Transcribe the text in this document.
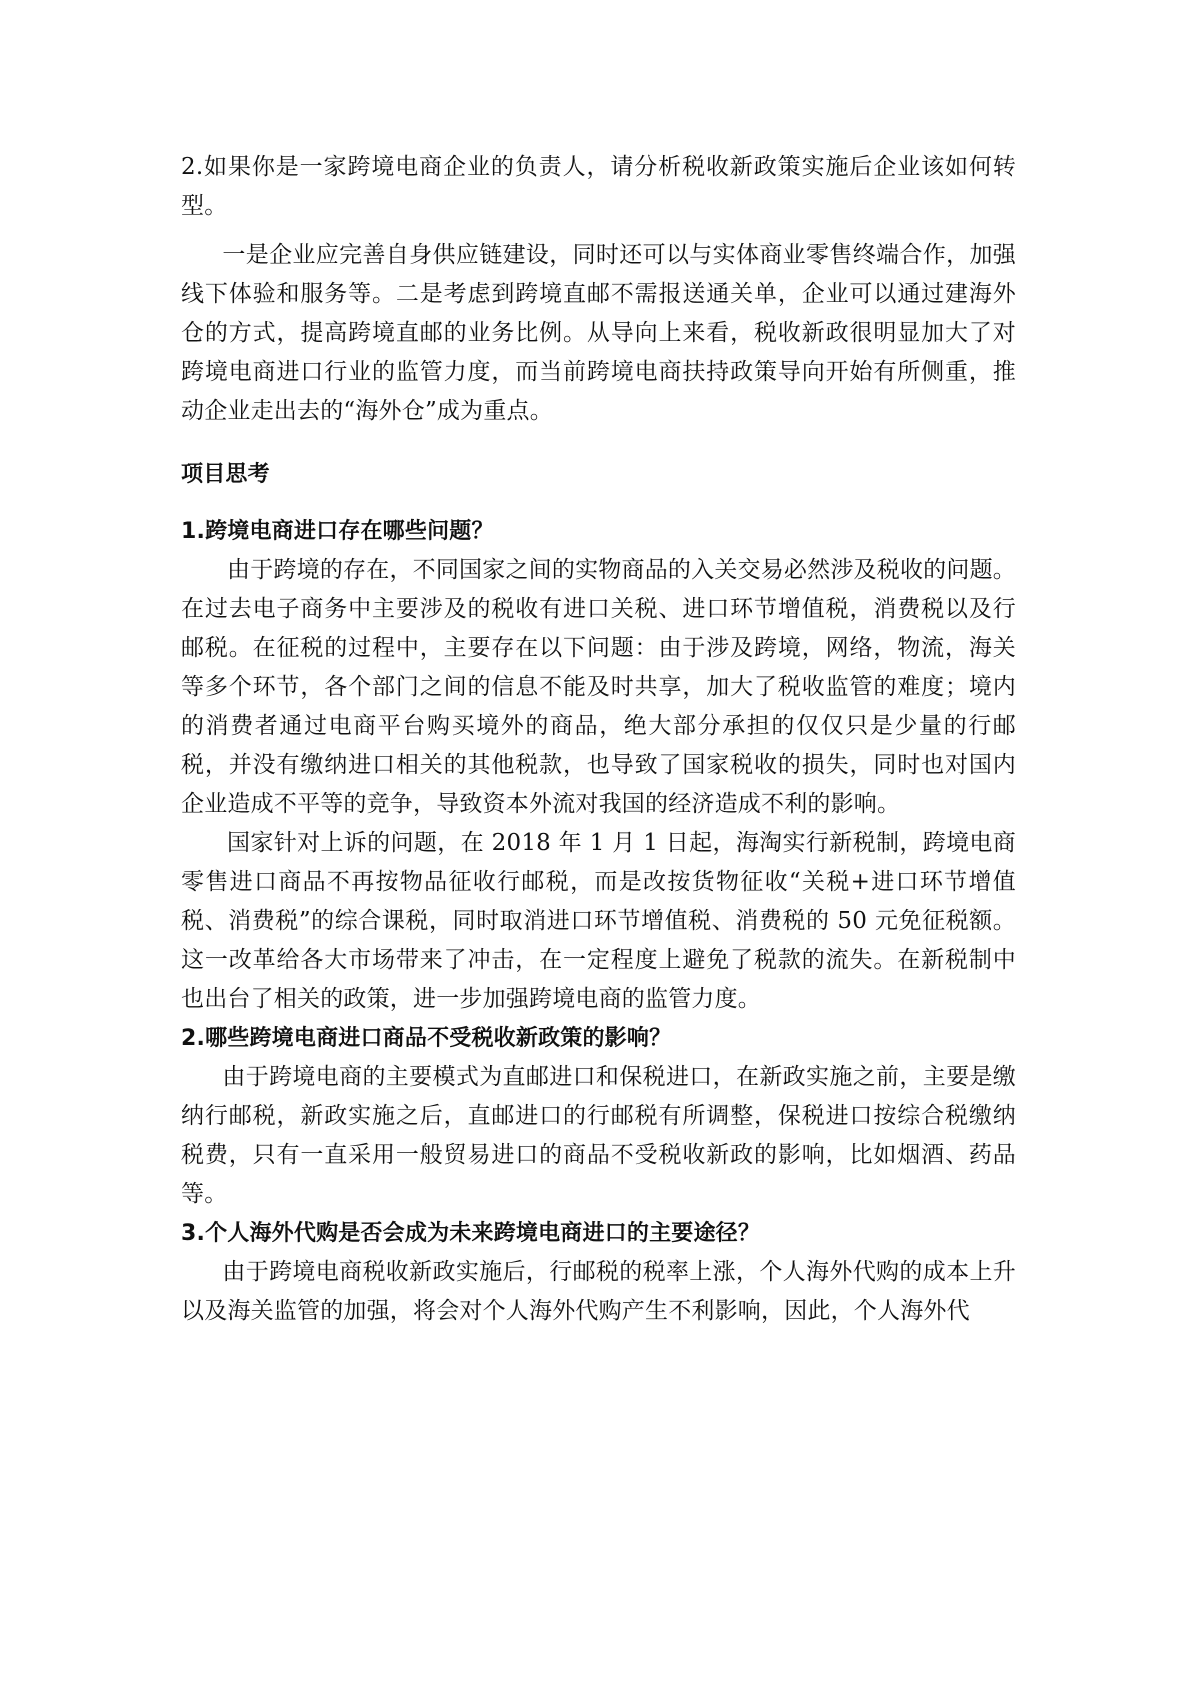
2.如果你是一家跨境电商企业的负责人，请分析税收新政策实施后企业该如何转型。

一是企业应完善自身供应链建设，同时还可以与实体商业零售终端合作，加强线下体验和服务等。二是考虑到跨境直邮不需报送通关单，企业可以通过建海外仓的方式，提高跨境直邮的业务比例。从导向上来看，税收新政很明显加大了对跨境电商进口行业的监管力度，而当前跨境电商扶持政策导向开始有所侧重，推动企业走出去的“海外仓”成为重点。

项目思考

1.跨境电商进口存在哪些问题？

由于跨境的存在，不同国家之间的实物商品的入关交易必然涉及税收的问题。在过去电子商务中主要涉及的税收有进口关税、进口环节增值税，消费税以及行邮税。在征税的过程中，主要存在以下问题：由于涉及跨境，网络，物流，海关等多个环节，各个部门之间的信息不能及时共享，加大了税收监管的难度；境内的消费者通过电商平台购买境外的商品，绝大部分承担的仅仅只是少量的行邮税，并没有缴纳进口相关的其他税款，也导致了国家税收的损失，同时也对国内企业造成不平等的竞争，导致资本外流对我国的经济造成不利的影响。

国家针对上诉的问题，在 2018 年 1 月 1 日起，海淘实行新税制，跨境电商零售进口商品不再按物品征收行邮税，而是改按货物征收“关税+进口环节增值税、消费税”的综合课税，同时取消进口环节增值税、消费税的 50 元免征税额。这一改革给各大市场带来了冲击，在一定程度上避免了税款的流失。在新税制中也出台了相关的政策，进一步加强跨境电商的监管力度。

2.哪些跨境电商进口商品不受税收新政策的影响？

由于跨境电商的主要模式为直邮进口和保税进口，在新政实施之前，主要是缴纳行邮税，新政实施之后，直邮进口的行邮税有所调整，保税进口按综合税缴纳税费，只有一直采用一般贸易进口的商品不受税收新政的影响，比如烟酒、药品等。

3.个人海外代购是否会成为未来跨境电商进口的主要途径？

由于跨境电商税收新政实施后，行邮税的税率上涨，个人海外代购的成本上升以及海关监管的加强，将会对个人海外代购产生不利影响，因此，个人海外代
